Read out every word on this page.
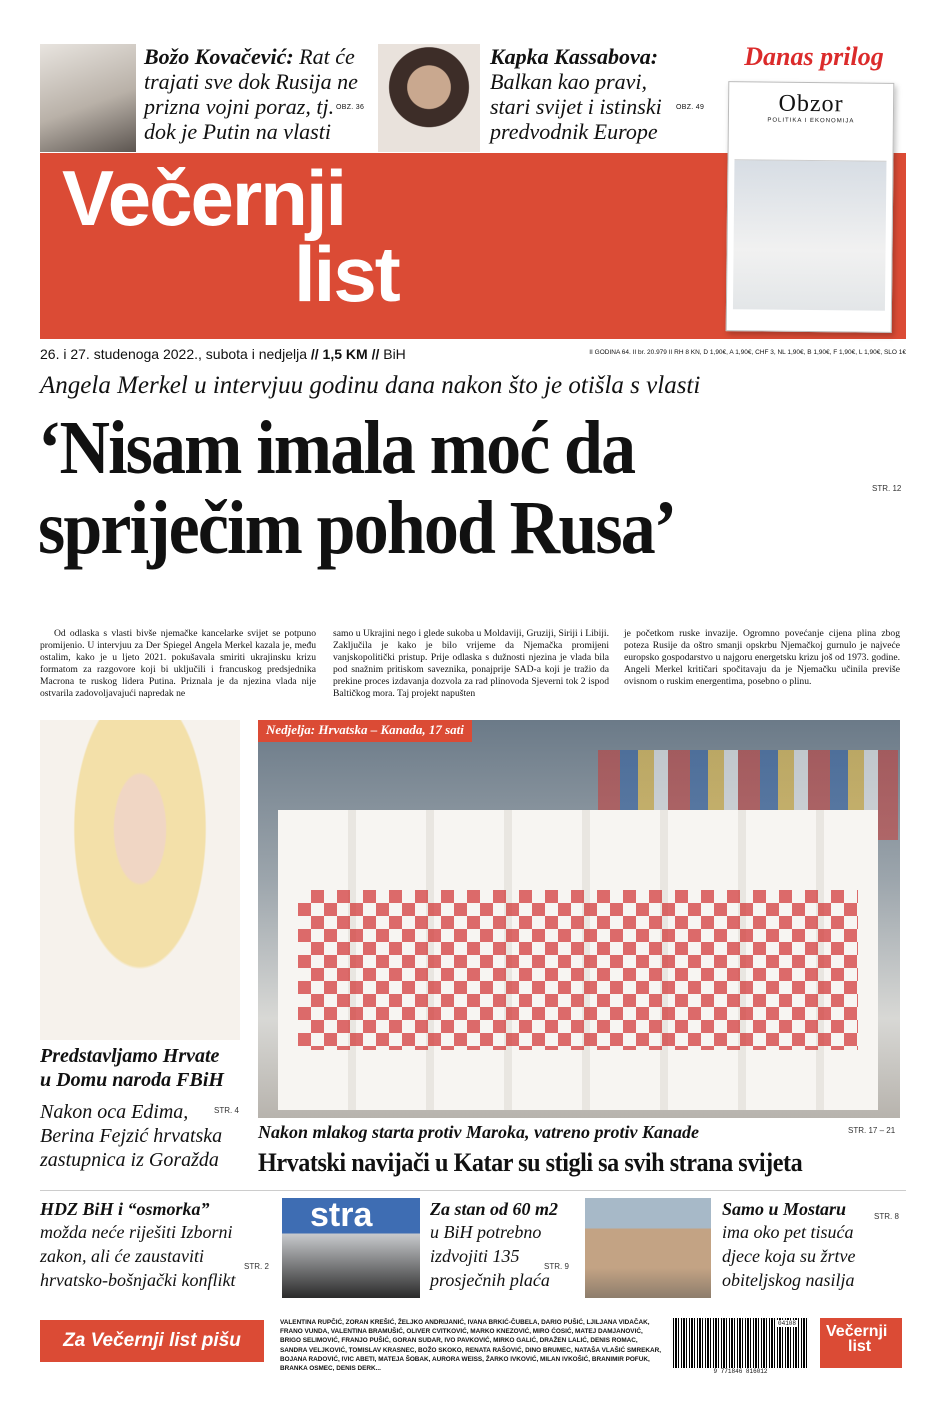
Božo Kovačević: Rat će trajati sve dok Rusija ne prizna vojni poraz, tj. dok je Putin na vlasti
OBZ. 36
Kapka Kassabova: Balkan kao pravi, stari svijet i istinski predvodnik Europe
OBZ. 49
Večernji
list
Danas prilog
Obzor
POLITIKA I EKONOMIJA
26. i 27. studenoga 2022., subota i nedjelja // 1,5 KM // BiH	II GODINA 64. II br. 20.979 II RH 8 KN, D 1,90€, A 1,90€, CHF 3, NL 1,90€, B 1,90€, F 1,90€, L 1,90€, SLO 1€
Angela Merkel u intervjuu godinu dana nakon što je otišla s vlasti
‘Nisam imala moć da
spriječim pohod Rusa’	STR. 12
Od odlaska s vlasti bivše njemačke kancelarke svijet se potpuno promijenio. U intervjuu za Der Spiegel Angela Merkel kazala je, među ostalim, kako je u ljeto 2021. pokušavala smiriti ukrajinsku krizu formatom za razgovore koji bi uključili i francuskog predsjednika Macrona te ruskog lidera Putina. Priznala je da njezina vlada nije ostvarila zadovoljavajući napredak ne
samo u Ukrajini nego i glede sukoba u Moldaviji, Gruziji, Siriji i Libiji. Zaključila je kako je bilo vrijeme da Njemačka promijeni vanjskopolitički pristup. Prije odlaska s dužnosti njezina je vlada bila pod snažnim pritiskom saveznika, ponajprije SAD-a koji je tražio da prekine proces izdavanja dozvola za rad plinovoda Sjeverni tok 2 ispod Baltičkog mora. Taj projekt napušten
je početkom ruske invazije. Ogromno povećanje cijena plina zbog poteza Rusije da oštro smanji opskrbu Njemačkoj gurnulo je najveće europsko gospodarstvo u najgoru energetsku krizu još od 1973. godine. Angeli Merkel kritičari spočitavaju da je Njemačku učinila previše ovisnom o ruskim energentima, posebno o plinu.
Predstavljamo Hrvate
u Domu naroda FBiH
Nakon oca Edima,
Berina Fejzić hrvatska
zastupnica iz Goražda
STR. 4
Nedjelja: Hrvatska – Kanada, 17 sati
Nakon mlakog starta protiv Maroka, vatreno protiv Kanade	STR. 17 – 21
Hrvatski navijači u Katar su stigli sa svih strana svijeta
HDZ BiH i “osmorka”
možda neće riješiti Izborni
zakon, ali će zaustaviti
hrvatsko-bošnjački konflikt
STR. 2
stra	Za stan od 60 m2
u BiH potrebno
izdvojiti 135
prosječnih plaća
STR. 9
Samo u Mostaru
ima oko pet tisuća
djece koja su žrtve
obiteljskog nasilja
STR. 8
Za Večernji list pišu
VALENTINA RUPČIĆ, ZORAN KREŠIĆ, ŽELJKO ANDRIJANIĆ, IVANA BRKIĆ-ČUBELA, DARIO PUŠIĆ, LJILJANA VIDAČAK, FRANO VUNDA, VALENTINA BRAMUŠIĆ, OLIVER CVITKOVIĆ, MARKO KNEZOVIĆ, MIRO ĆOSIĆ, MATEJ DAMJANOVIĆ, BRIGO SELIMOVIĆ, FRANJO PUŠIĆ, GORAN SUDAR, IVO PAVKOVIĆ, MIRKO GALIĆ, DRAŽEN LALIĆ, DENIS ROMAC, SANDRA VELJKOVIĆ, TOMISLAV KRASNEC, BOŽO SKOKO, RENATA RAŠOVIĆ, DINO BRUMEC, NATAŠA VLAŠIĆ SMREKAR, BOJANA RADOVIĆ, IVIC ABETI, MATEJA ŠOBAK, AURORA WEISS, ŽARKO IVKOVIĆ, MILAN IVKOŠIĆ, BRANIMIR POFUK, BRANKA OSMEC, DENIS DERK...	9 771846 816012
04108 Večernji
list
